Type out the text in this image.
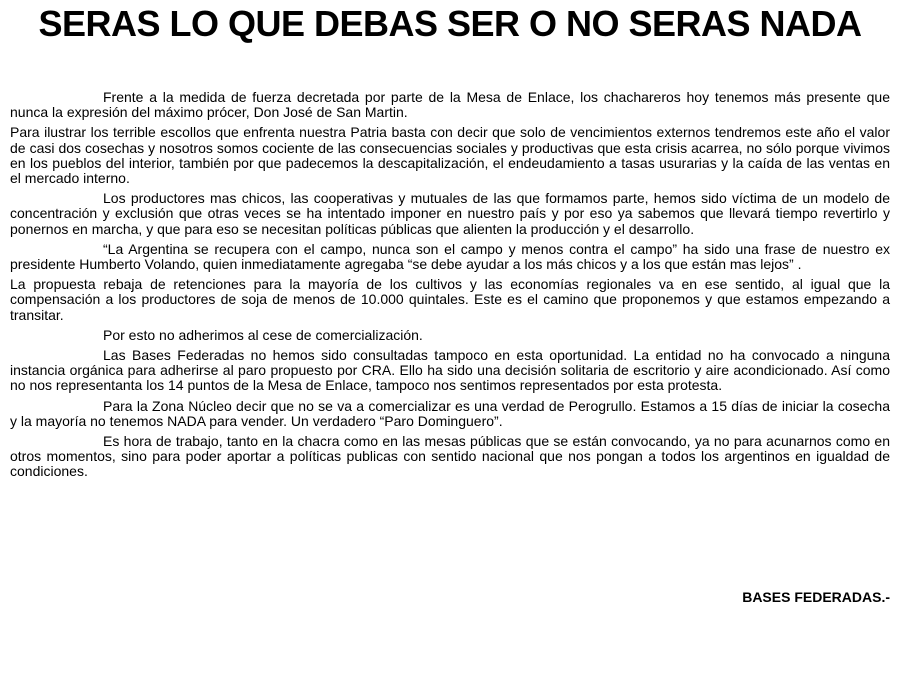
SERAS LO QUE DEBAS SER O NO SERAS NADA

Frente a la medida de fuerza decretada por parte de la Mesa de Enlace, los chachareros hoy tenemos más presente que nunca la expresión del máximo prócer, Don José de San Martin.

Para ilustrar los terrible escollos que enfrenta nuestra Patria basta con decir que solo de vencimientos externos tendremos este año el valor de casi dos cosechas y nosotros somos cociente de las consecuencias sociales y productivas que esta crisis acarrea, no sólo porque vivimos en los pueblos del interior, también por que padecemos la descapitalización, el endeudamiento a tasas usurarias y la caída de las ventas en el mercado interno.

Los productores mas chicos, las cooperativas y mutuales de las que formamos parte, hemos sido víctima de un modelo de concentración y exclusión que otras veces se ha intentado imponer en nuestro país y por eso ya sabemos que llevará tiempo revertirlo y ponernos en marcha, y que para eso se necesitan políticas públicas que alienten la producción y el desarrollo.

“La Argentina se recupera con el campo, nunca son el campo y menos contra el campo” ha sido una frase de nuestro ex presidente Humberto Volando, quien inmediatamente agregaba “se debe ayudar a los más chicos y a los que están mas lejos” .

La propuesta rebaja de retenciones para la mayoría de los cultivos y las economías regionales va en ese sentido, al igual que la compensación a los productores de soja de menos de 10.000 quintales. Este es el camino que proponemos y que estamos empezando a transitar.

Por esto no adherimos al cese de comercialización.

Las Bases Federadas no hemos sido consultadas tampoco en esta oportunidad. La entidad no ha convocado a ninguna instancia orgánica para adherirse al paro propuesto por CRA. Ello ha sido una decisión solitaria de escritorio y aire acondicionado. Así como no nos representanta los 14 puntos de la Mesa de Enlace, tampoco nos sentimos representados por esta protesta.

Para la Zona Núcleo decir que no se va a comercializar es una verdad de Perogrullo. Estamos a 15 días de iniciar la cosecha y la mayoría no tenemos NADA para vender. Un verdadero “Paro Dominguero”.

Es hora de trabajo, tanto en la chacra como en las mesas públicas que se están convocando, ya no para acunarnos como en otros momentos, sino para poder aportar a políticas publicas con sentido nacional que nos pongan a todos los argentinos en igualdad de condiciones.

BASES FEDERADAS.-
